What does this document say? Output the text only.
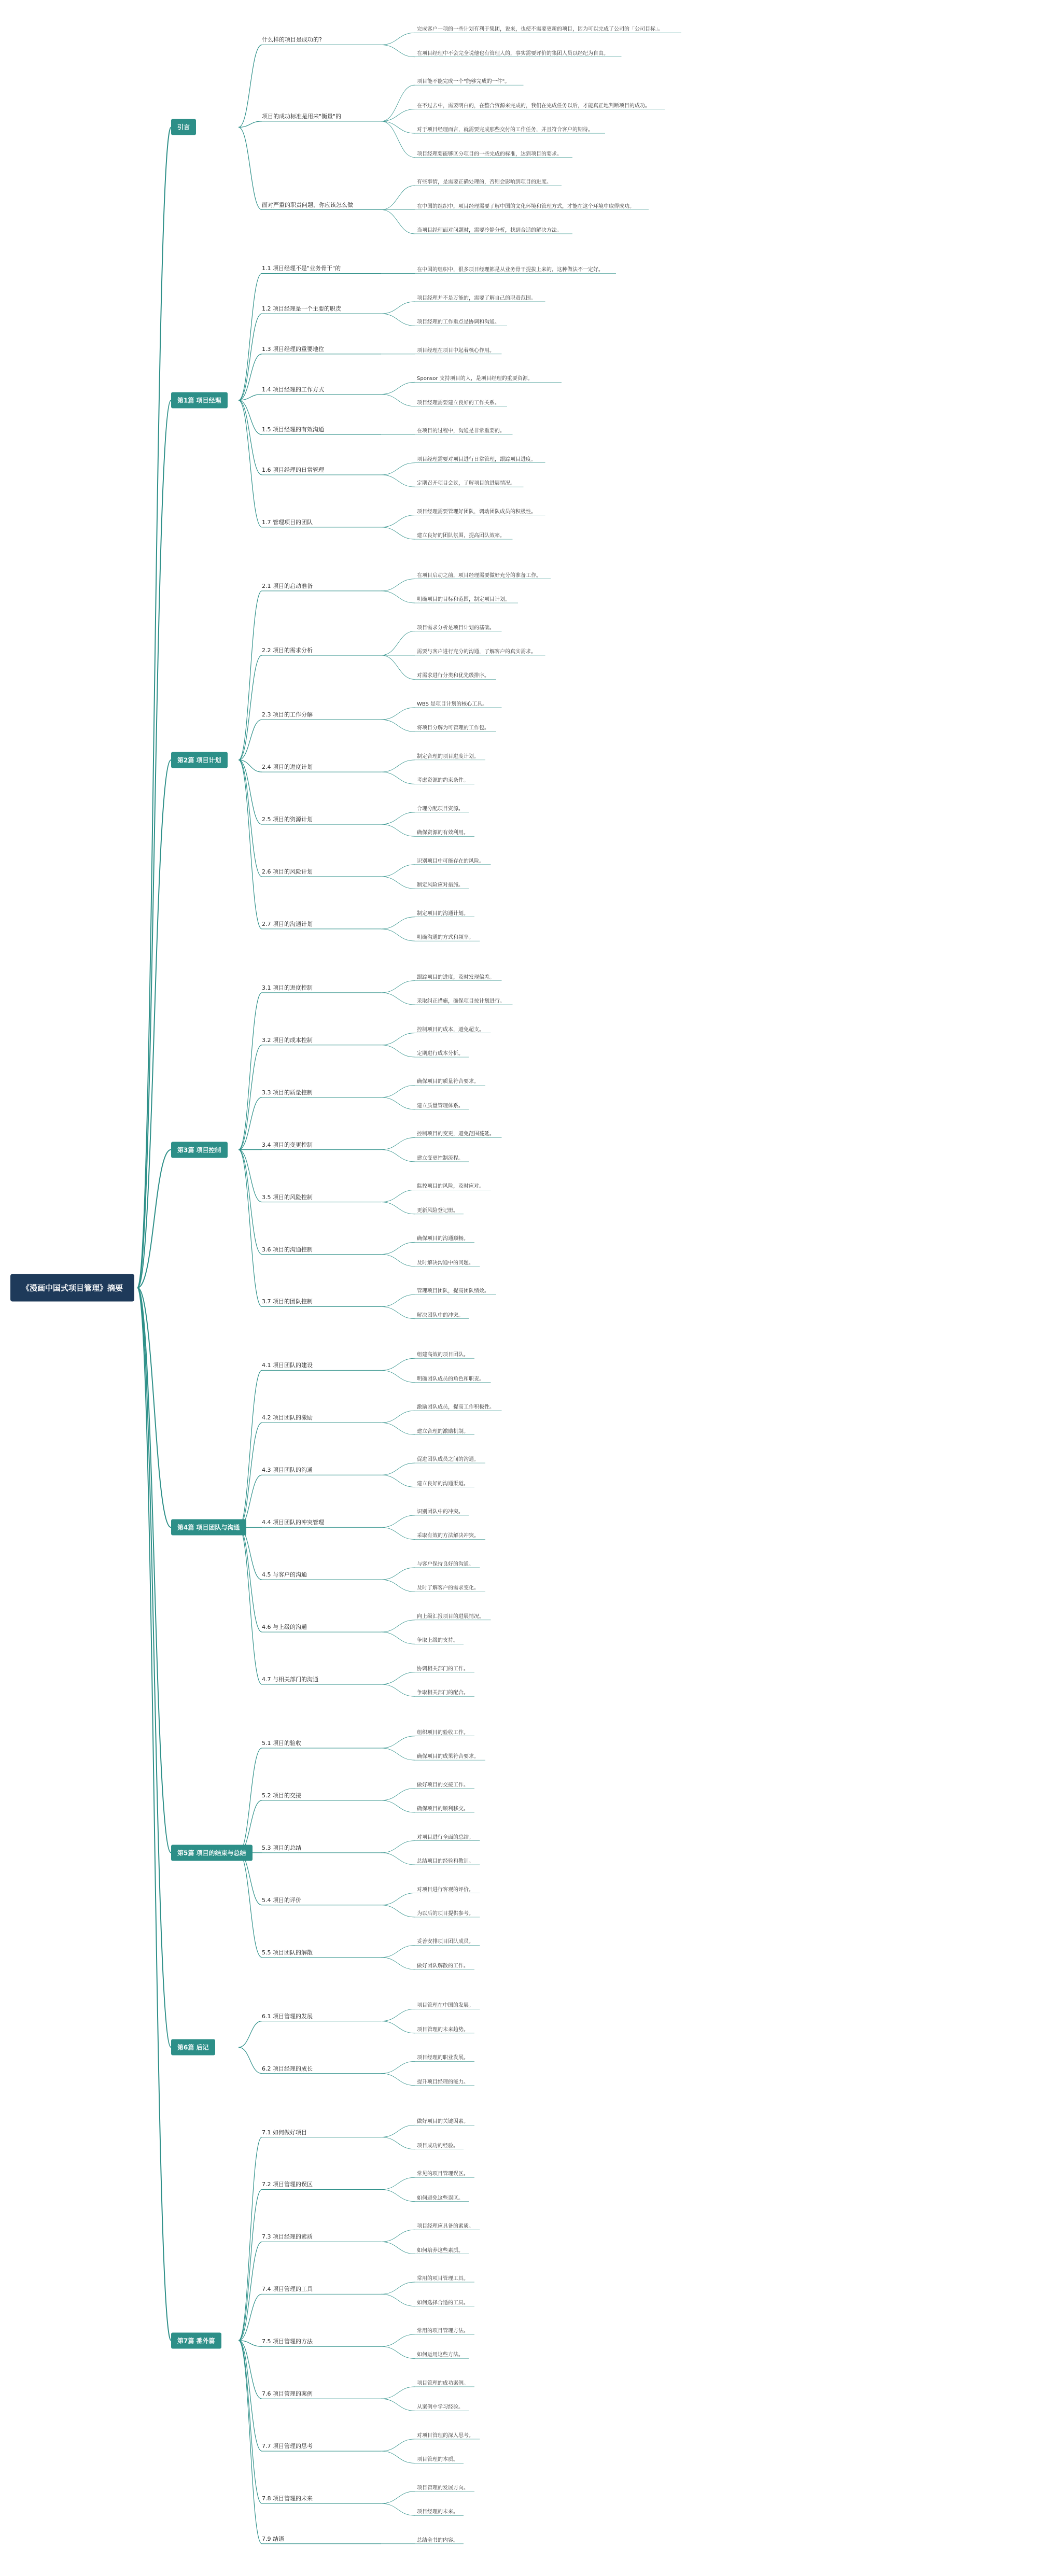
《漫画中国式项目管理》摘要
什么样的项目是成功的?
完成客户一项的一些计划有利于集团，说来，也使不需要更新的项目，因为可以完成了公司的「公司目标」。
在项目经理中不会完全说他也有管理人的，事实需要评价的集团人员以经纪为自由。
项目的成功标准是用来"衡量"的
项目能不能完成一个"能够完成的一件"。
在不过去中，需要明白的，在整合资源来完成的，我们在完成任务以后，才能真正地判断项目的成功。
对于项目经理而言，就需要完成那些交付的工作任务，并且符合客户的期待。
项目经理要能够区分项目的一些完成的标准，达到项目的要求。
面对严重的职责问题，你应该怎么做
有些事情，是需要正确处理的，否则会影响到项目的进度。
在中国的组织中，项目经理需要了解中国的文化环境和管理方式，才能在这个环境中取得成功。
当项目经理面对问题时，需要冷静分析，找到合适的解决方法。
引言
1.1 项目经理不是"业务骨干"的	在中国的组织中，很多项目经理都是从业务骨干提拔上来的，这种做法不一定好。
1.2 项目经理是一个主要的职责
项目经理并不是万能的，需要了解自己的职责范围。
项目经理的工作重点是协调和沟通。
1.3 项目经理的重要地位	项目经理在项目中起着核心作用。
1.4 项目经理的工作方式
Sponsor 支持项目的人，是项目经理的重要资源。
项目经理需要建立良好的工作关系。
1.5 项目经理的有效沟通	在项目的过程中，沟通是非常重要的。
1.6 项目经理的日常管理
项目经理需要对项目进行日常管理，跟踪项目进度。
定期召开项目会议，了解项目的进展情况。
1.7 管理项目的团队
项目经理需要管理好团队，调动团队成员的积极性。
建立良好的团队氛围，提高团队效率。
第1篇 项目经理
2.1 项目的启动准备
在项目启动之前，项目经理需要做好充分的准备工作。
明确项目的目标和范围，制定项目计划。
2.2 项目的需求分析
项目需求分析是项目计划的基础。
需要与客户进行充分的沟通，了解客户的真实需求。
对需求进行分类和优先级排序。
2.3 项目的工作分解
WBS 是项目计划的核心工具。
将项目分解为可管理的工作包。
2.4 项目的进度计划
制定合理的项目进度计划。
考虑资源的约束条件。
2.5 项目的资源计划
合理分配项目资源。
确保资源的有效利用。
2.6 项目的风险计划
识别项目中可能存在的风险。
制定风险应对措施。
2.7 项目的沟通计划
制定项目的沟通计划。
明确沟通的方式和频率。
第2篇 项目计划
3.1 项目的进度控制
跟踪项目的进度，及时发现偏差。
采取纠正措施，确保项目按计划进行。
3.2 项目的成本控制
控制项目的成本，避免超支。
定期进行成本分析。
3.3 项目的质量控制
确保项目的质量符合要求。
建立质量管理体系。
3.4 项目的变更控制
控制项目的变更，避免范围蔓延。
建立变更控制流程。
3.5 项目的风险控制
监控项目的风险，及时应对。
更新风险登记册。
3.6 项目的沟通控制
确保项目的沟通顺畅。
及时解决沟通中的问题。
3.7 项目的团队控制
管理项目团队，提高团队绩效。
解决团队中的冲突。
第3篇 项目控制
4.1 项目团队的建设
组建高效的项目团队。
明确团队成员的角色和职责。
4.2 项目团队的激励
激励团队成员，提高工作积极性。
建立合理的激励机制。
4.3 项目团队的沟通
促进团队成员之间的沟通。
建立良好的沟通渠道。
4.4 项目团队的冲突管理
识别团队中的冲突。
采取有效的方法解决冲突。
4.5 与客户的沟通
与客户保持良好的沟通。
及时了解客户的需求变化。
4.6 与上级的沟通
向上级汇报项目的进展情况。
争取上级的支持。
4.7 与相关部门的沟通
协调相关部门的工作。
争取相关部门的配合。
第4篇 项目团队与沟通
5.1 项目的验收
组织项目的验收工作。
确保项目的成果符合要求。
5.2 项目的交接
做好项目的交接工作。
确保项目的顺利移交。
5.3 项目的总结
对项目进行全面的总结。
总结项目的经验和教训。
5.4 项目的评价
对项目进行客观的评价。
为以后的项目提供参考。
5.5 项目团队的解散
妥善安排项目团队成员。
做好团队解散的工作。
第5篇 项目的结束与总结
6.1 项目管理的发展
项目管理在中国的发展。
项目管理的未来趋势。
6.2 项目经理的成长
项目经理的职业发展。
提升项目经理的能力。
第6篇 后记
7.1 如何做好项目
做好项目的关键因素。
项目成功的经验。
7.2 项目管理的误区
常见的项目管理误区。
如何避免这些误区。
7.3 项目经理的素质
项目经理应具备的素质。
如何培养这些素质。
7.4 项目管理的工具
常用的项目管理工具。
如何选择合适的工具。
7.5 项目管理的方法
常用的项目管理方法。
如何运用这些方法。
7.6 项目管理的案例
项目管理的成功案例。
从案例中学习经验。
7.7 项目管理的思考
对项目管理的深入思考。
项目管理的本质。
7.8 项目管理的未来
项目管理的发展方向。
项目经理的未来。
7.9 结语	总结全书的内容。
第7篇 番外篇
